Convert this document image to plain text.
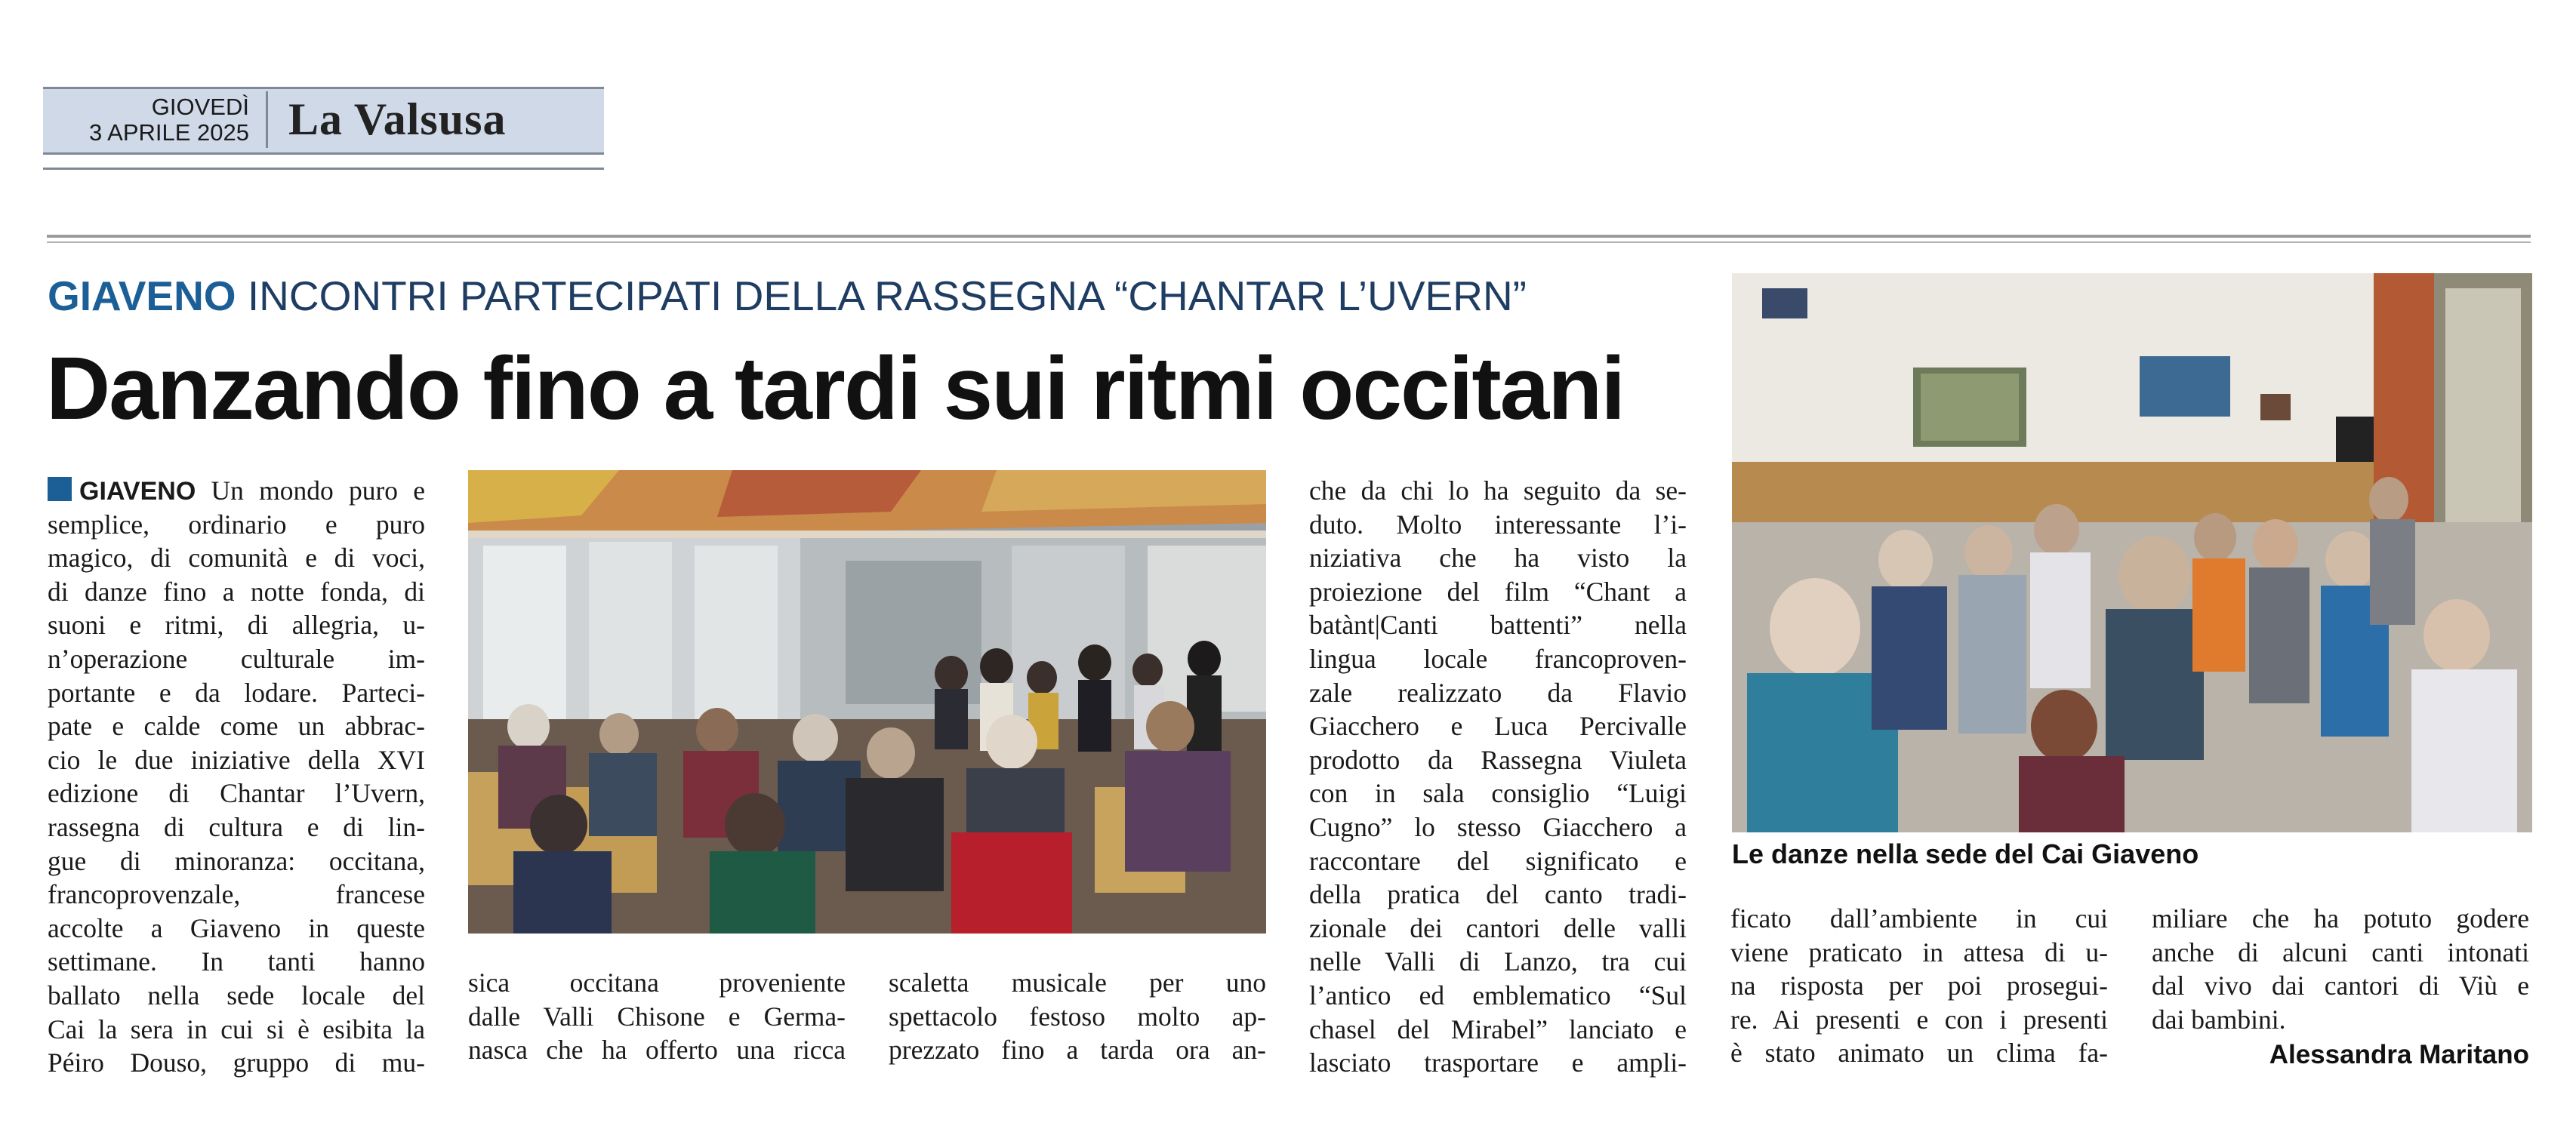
GIOVEDÌ
3 APRILE 2025 La Valsusa
GIAVENO INCONTRI PARTECIPATI DELLA RASSEGNA “CHANTAR L’UVERN”
Danzando fino a tardi sui ritmi occitani
GIAVENO Un mondo puro e
semplice, ordinario e puro
magico, di comunità e di voci,
di danze fino a notte fonda, di
suoni e ritmi, di allegria, u-
n’operazione culturale im-
portante e da lodare. Parteci-
pate e calde come un abbrac-
cio le due iniziative della XVI
edizione di Chantar l’Uvern,
rassegna di cultura e di lin-
gue di minoranza: occitana,
francoprovenzale, francese
accolte a Giaveno in queste
settimane. In tanti hanno
ballato nella sede locale del
Cai la sera in cui si è esibita la
Péiro Douso, gruppo di mu-
sica occitana proveniente
dalle Valli Chisone e Germa-
nasca che ha offerto una ricca
scaletta musicale per uno
spettacolo festoso molto ap-
prezzato fino a tarda ora an-
che da chi lo ha seguito da se-
duto. Molto interessante l’i-
niziativa che ha visto la
proiezione del film “Chant a
batànt|Canti battenti” nella
lingua locale francoproven-
zale realizzato da Flavio
Giacchero e Luca Percivalle
prodotto da Rassegna Viuleta
con in sala consiglio “Luigi
Cugno” lo stesso Giacchero a
raccontare del significato e
della pratica del canto tradi-
zionale dei cantori delle valli
nelle Valli di Lanzo, tra cui
l’antico ed emblematico “Sul
chasel del Mirabel” lanciato e
lasciato trasportare e ampli-
Le danze nella sede del Cai Giaveno
ficato dall’ambiente in cui
viene praticato in attesa di u-
na risposta per poi prosegui-
re. Ai presenti e con i presenti
è stato animato un clima fa-
miliare che ha potuto godere
anche di alcuni canti intonati
dal vivo dai cantori di Viù e
dai bambini.
Alessandra Maritano
